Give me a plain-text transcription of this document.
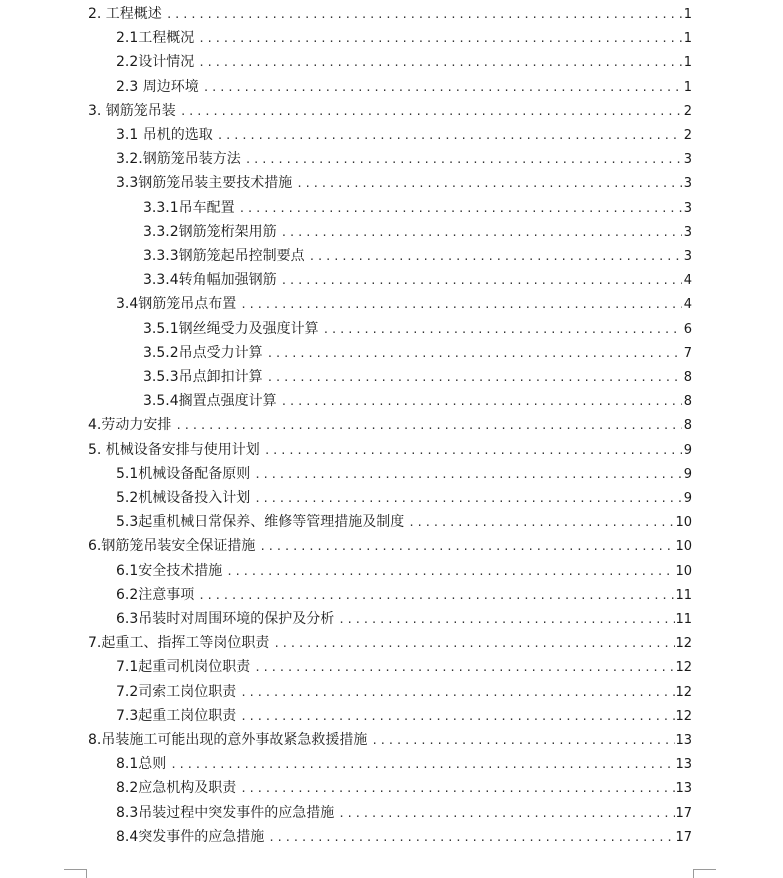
2. 工程概述 .....	1
2.1工程概况 .....	1
2.2设计情况 .....	1
2.3 周边环境 .....	1
3. 钢筋笼吊装 .....	2
3.1 吊机的选取 .....	2
3.2.钢筋笼吊装方法 .....	3
3.3钢筋笼吊装主要技术措施 .....	3
3.3.1吊车配置 .....	3
3.3.2钢筋笼桁架用筋 .....	3
3.3.3钢筋笼起吊控制要点 .....	3
3.3.4转角幅加强钢筋 .....	4
3.4钢筋笼吊点布置 .....	4
3.5.1钢丝绳受力及强度计算 .....	6
3.5.2吊点受力计算 .....	7
3.5.3吊点卸扣计算 .....	8
3.5.4搁置点强度计算 .....	8
4.劳动力安排 .....	8
5. 机械设备安排与使用计划 .....	9
5.1机械设备配备原则 .....	9
5.2机械设备投入计划 .....	9
5.3起重机械日常保养、维修等管理措施及制度 .....	10
6.钢筋笼吊装安全保证措施 .....	10
6.1安全技术措施 .....	10
6.2注意事项 .....	11
6.3吊装时对周围环境的保护及分析 .....	11
7.起重工、指挥工等岗位职责 .....	12
7.1起重司机岗位职责 .....	12
7.2司索工岗位职责 .....	12
7.3起重工岗位职责 .....	12
8.吊装施工可能出现的意外事故紧急救援措施 .....	13
8.1总则 .....	13
8.2应急机构及职责 .....	13
8.3吊装过程中突发事件的应急措施 .....	17
8.4突发事件的应急措施 .....	17
